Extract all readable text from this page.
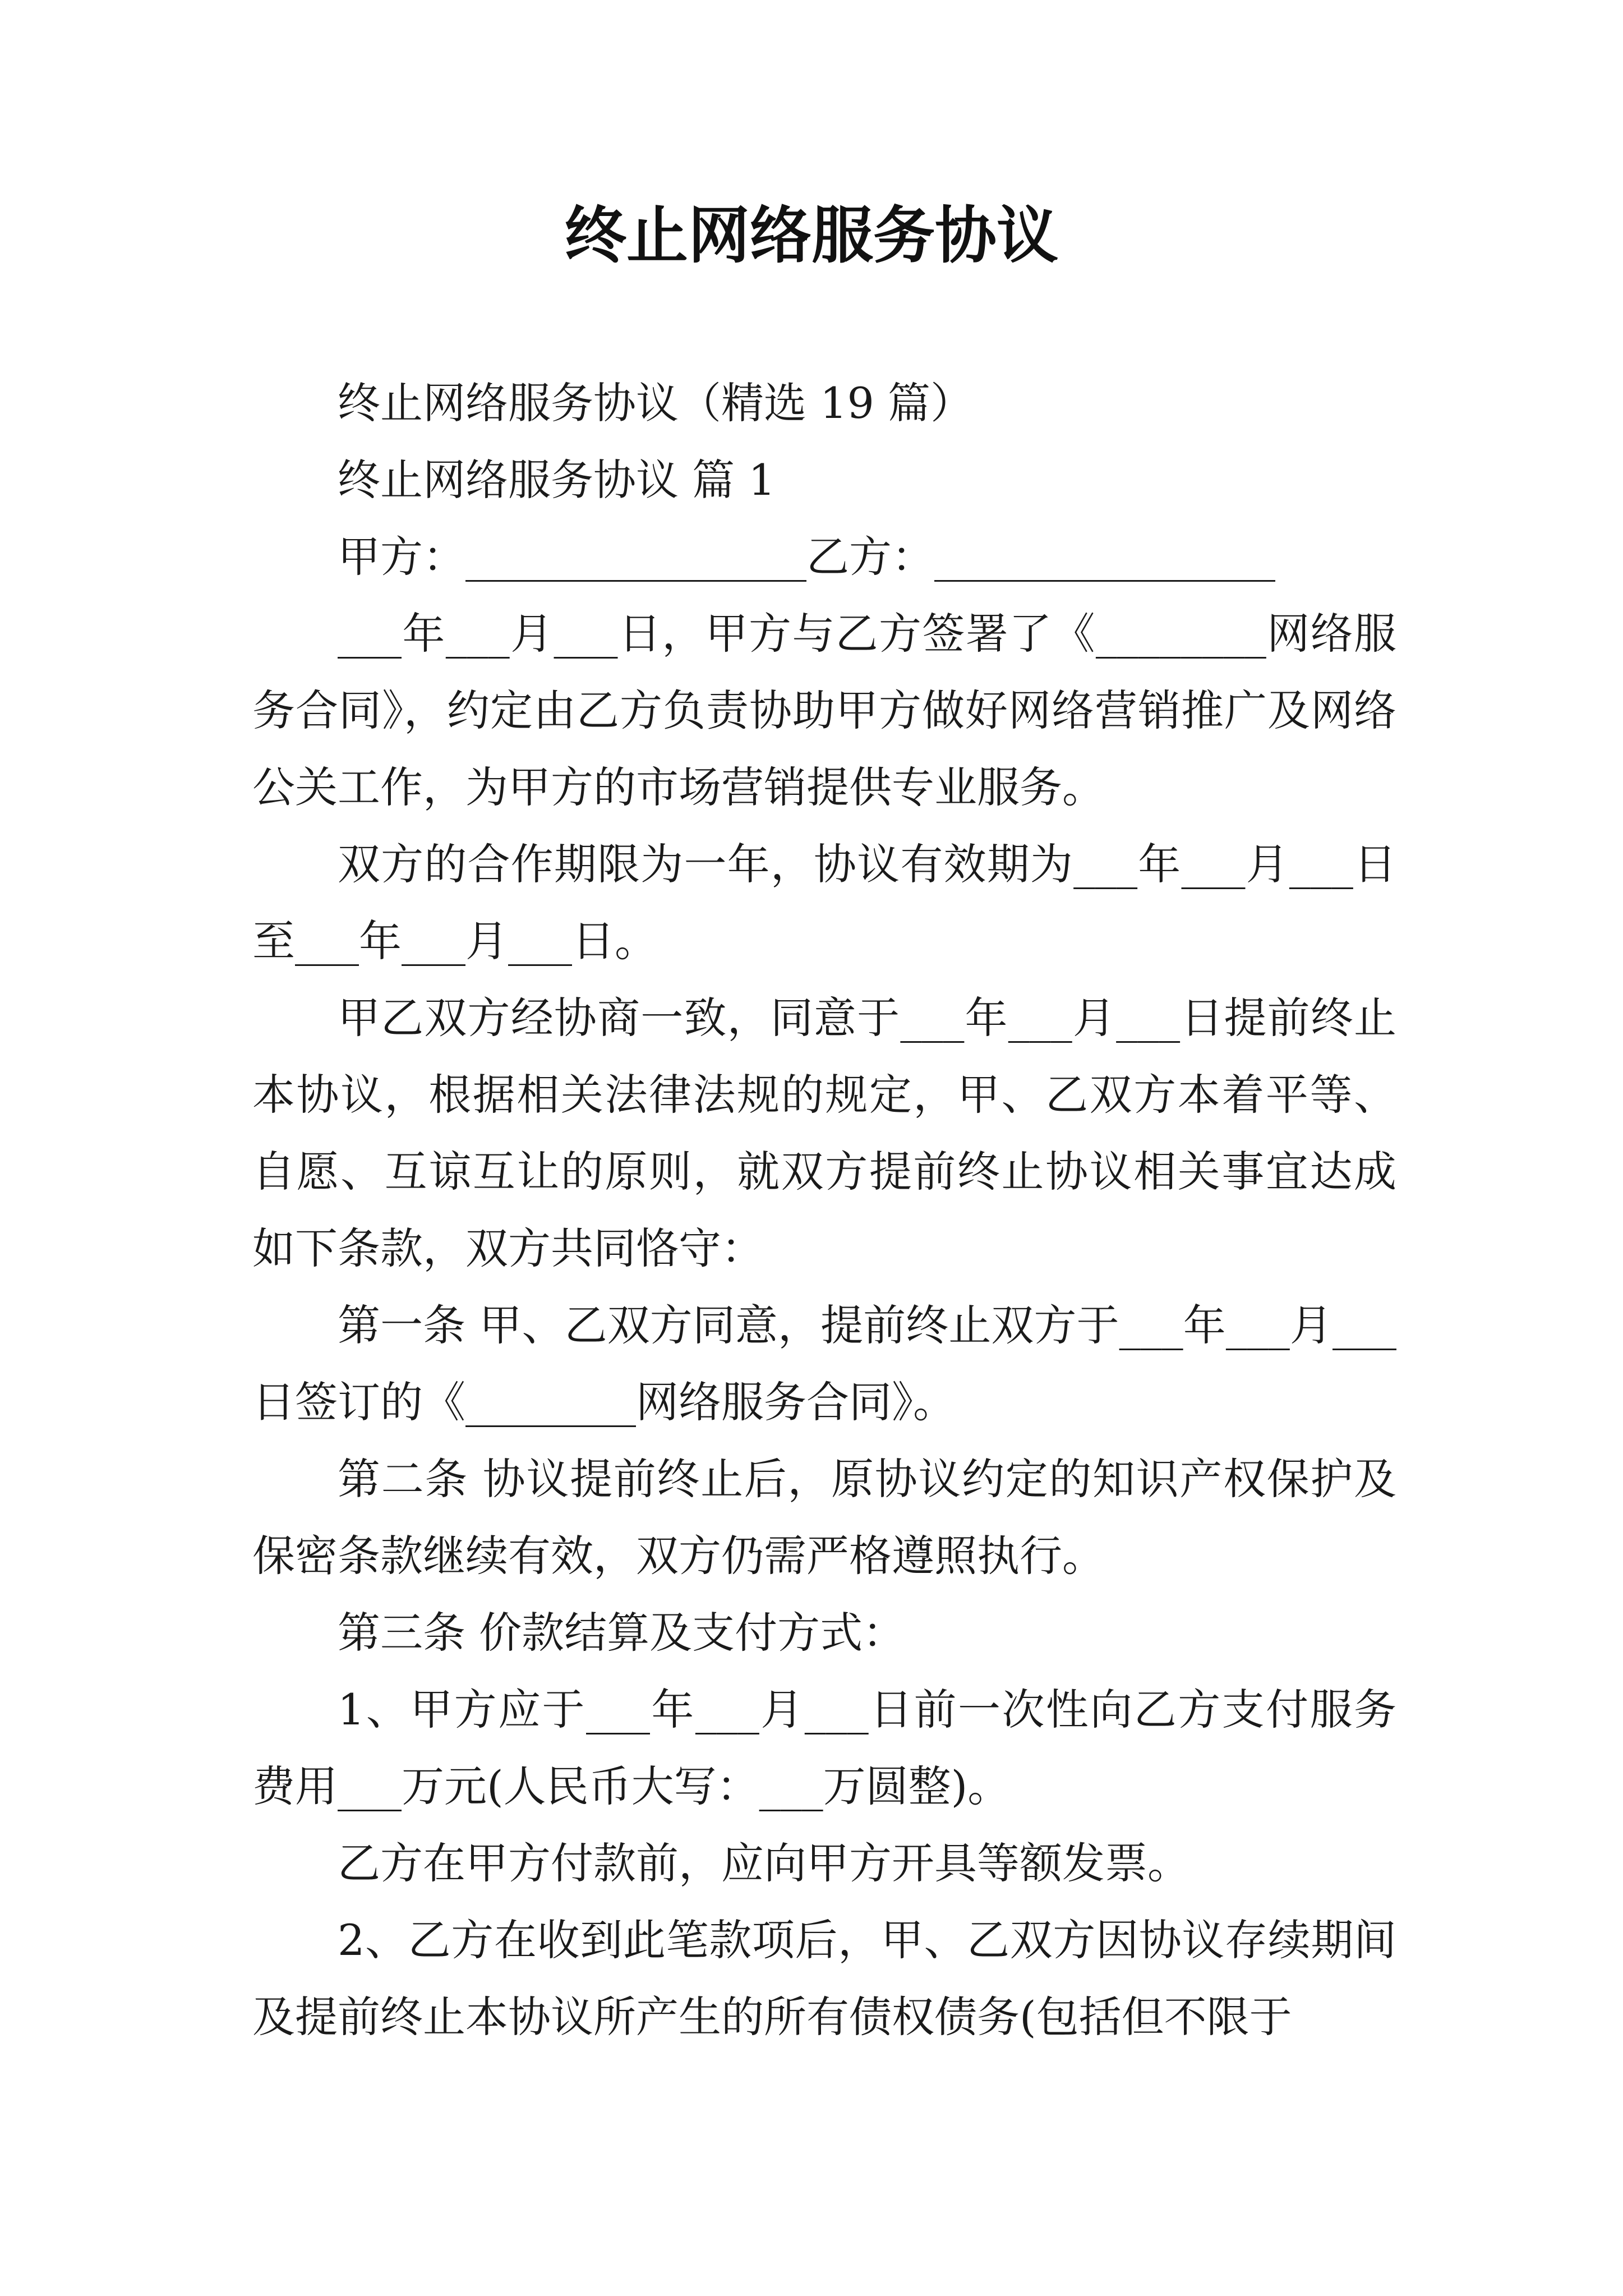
终止网络服务协议

终止网络服务协议（精选 19 篇）

终止网络服务协议 篇 1

甲方：________________乙方：________________

___年___月___日，甲方与乙方签署了《________网络服务合同》，约定由乙方负责协助甲方做好网络营销推广及网络公关工作，为甲方的市场营销提供专业服务。

双方的合作期限为一年，协议有效期为___年___月___日至___年___月___日。

甲乙双方经协商一致，同意于___年___月___日提前终止本协议，根据相关法律法规的规定，甲、乙双方本着平等、自愿、互谅互让的原则，就双方提前终止协议相关事宜达成如下条款，双方共同恪守：

第一条 甲、乙双方同意，提前终止双方于___年___月___日签订的《________网络服务合同》。

第二条 协议提前终止后，原协议约定的知识产权保护及保密条款继续有效，双方仍需严格遵照执行。

第三条 价款结算及支付方式：

1、甲方应于___年___月___日前一次性向乙方支付服务费用___万元(人民币大写：___万圆整)。

乙方在甲方付款前，应向甲方开具等额发票。

2、乙方在收到此笔款项后，甲、乙双方因协议存续期间及提前终止本协议所产生的所有债权债务(包括但不限于
